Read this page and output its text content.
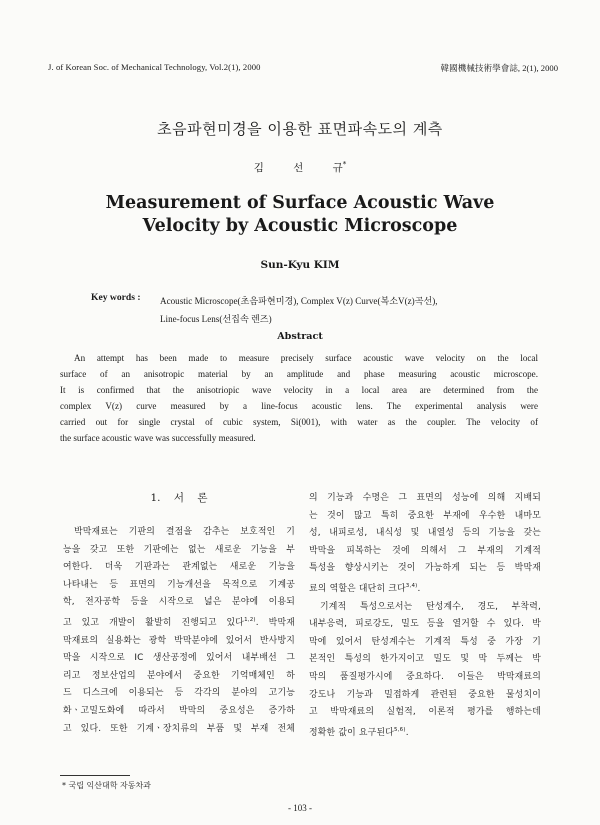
J. of Korean Soc. of Mechanical Technology, Vol.2(1), 2000	韓國機械技術學會誌, 2(1), 2000
초음파현미경을 이용한 표면파속도의 계측
김 선 규*
Measurement of Surface Acoustic Wave
Velocity by Acoustic Microscope
Sun-Kyu KIM
Key words : Acoustic Microscope(초음파현미경), Complex V(z) Curve(복소V(z)곡선),
Line-focus Lens(선집속 렌즈)
Abstract
An attempt has been made to measure precisely surface acoustic wave velocity on the local
surface of an anisotropic material by an amplitude and phase measuring acoustic microscope.
It is confirmed that the anisotriopic wave velocity in a local area are determined from the
complex V(z) curve measured by a line-focus acoustic lens. The experimental analysis were
carried out for single crystal of cubic system, Si(001), with water as the coupler. The velocity of
the surface acoustic wave was successfully measured.
1. 서 론
박막재료는 기판의 결점을 감추는 보호적인 기
능을 갖고 또한 기판에는 없는 새로운 기능을 부
여한다. 더욱 기판과는 관계없는 새로운 기능을
나타내는 등 표면의 기능개선을 목적으로 기계공
학, 전자공학 등을 시작으로 넓은 분야에 이용되
고 있고 개발이 활발히 진행되고 있다$^{1,2)}$. 박막재
막재료의 실용화는 광학 박막분야에 있어서 반사방지
막을 시작으로 IC 생산공정에 있어서 내부배선 그
리고 정보산업의 분야에서 중요한 기억매체인 하
드 디스크에 이용되는 등 각각의 분야의 고기능
화ㆍ고밀도화에 따라서 박막의 중요성은 증가하
고 있다. 또한 기계ㆍ장치류의 부품 및 부재 전체
의 기능과 수명은 그 표면의 성능에 의해 지배되
는 것이 많고 특히 중요한 부재에 우수한 내마모
성, 내피로성, 내식성 및 내열성 등의 기능을 갖는
박막을 피복하는 것에 의해서 그 부재의 기계적
특성을 향상시키는 것이 가능하게 되는 등 박막재
료의 역할은 대단히 크다$^{3,4)}$.
기계적 특성으로서는 탄성계수, 경도, 부착력,
내부응력, 피로강도, 밀도 등을 열거할 수 있다. 박
막에 있어서 탄성계수는 기계적 특성 중 가장 기
본적인 특성의 한가지이고 밀도 및 막 두께는 박
막의 품질평가시에 중요하다. 이들은 박막재료의
강도나 기능과 밀접하게 관련된 중요한 물성치이
고 박막재료의 실험적, 이론적 평가를 행하는데
정확한 값이 요구된다$^{5,6)}$.
* 국립 익산대학 자동차과
- 103 -
